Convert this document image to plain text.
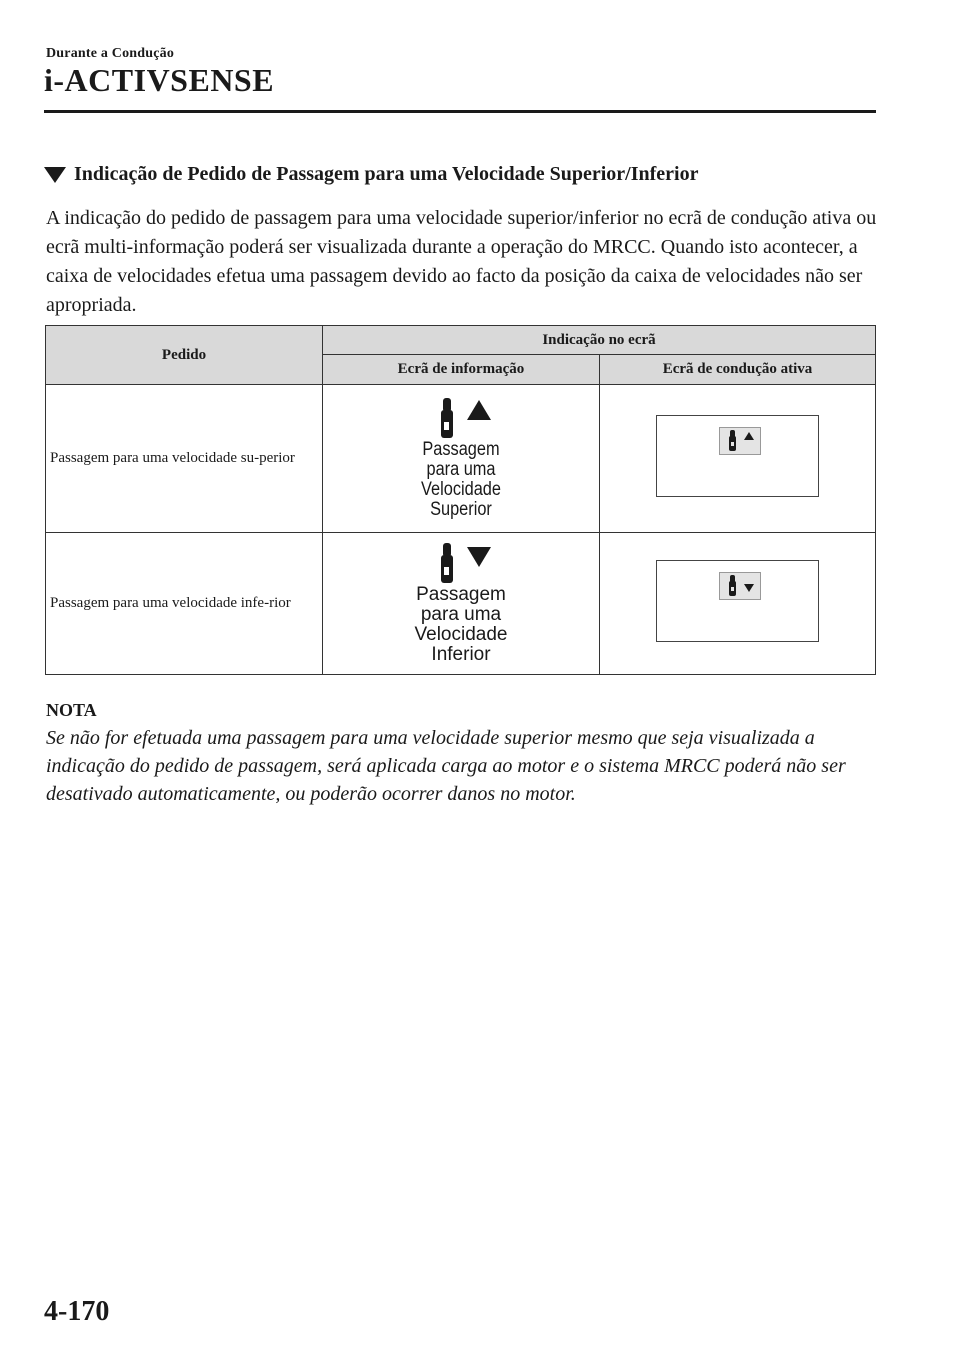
Durante a Condução
i-ACTIVSENSE
Indicação de Pedido de Passagem para uma Velocidade Superior/Inferior
A indicação do pedido de passagem para uma velocidade superior/inferior no ecrã de condução ativa ou ecrã multi-informação poderá ser visualizada durante a operação do MRCC. Quando isto acontecer, a caixa de velocidades efetua uma passagem devido ao facto da posição da caixa de velocidades não ser apropriada.
Pedido	Indicação no ecrã	
	Ecrã de informação	Ecrã de condução ativa
Passagem para uma velocidade su-perior	Passagem
para uma
Velocidade
Superior

Passagem para uma velocidade infe-rior	Passagem
para uma
Velocidade
Inferior

NOTA
Se não for efetuada uma passagem para uma velocidade superior mesmo que seja visualizada a indicação do pedido de passagem, será aplicada carga ao motor e o sistema MRCC poderá não ser desativado automaticamente, ou poderão ocorrer danos no motor.
4-170
